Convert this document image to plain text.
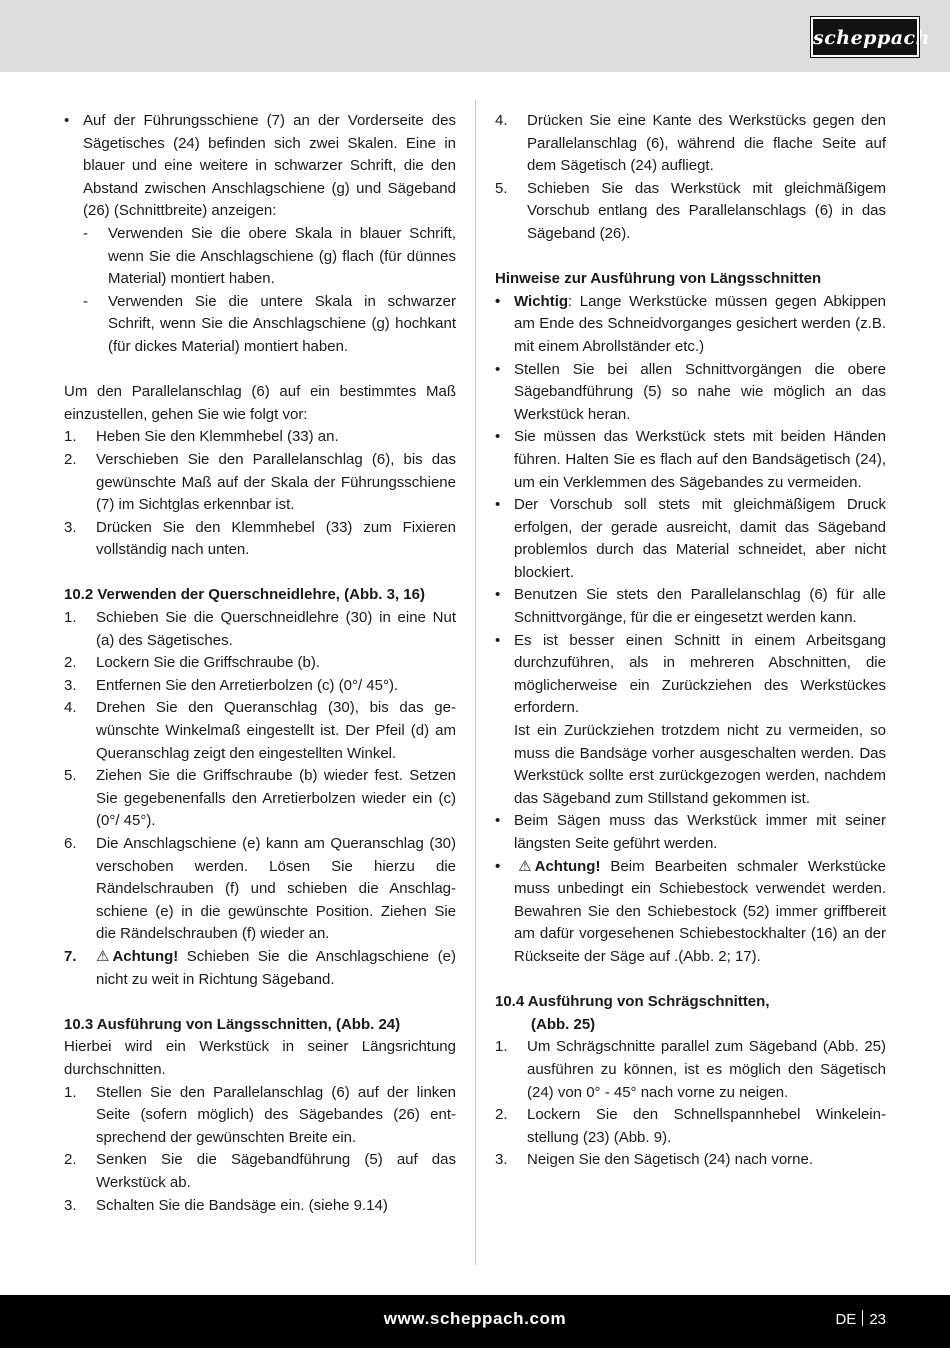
scheppach
• Auf der Führungsschiene (7) an der Vorderseite des Sägetisches (24) befinden sich zwei Skalen. Eine in blauer und eine weitere in schwarzer Schrift, die den Abstand zwischen Anschlagschiene (g) und Sägeband (26) (Schnittbreite) anzeigen:
-	Verwenden Sie die obere Skala in blauer Schrift, wenn Sie die Anschlagschiene (g) flach (für dünnes Material) montiert haben.
-	Verwenden Sie die untere Skala in schwarzer Schrift, wenn Sie die Anschlagschiene (g) hochkant (für dickes Material) montiert haben.
Um den Parallelanschlag (6) auf ein bestimmtes Maß einzustellen, gehen Sie wie folgt vor:
1.	Heben Sie den Klemmhebel (33) an.
2.	Verschieben Sie den Parallelanschlag (6), bis das gewünschte Maß auf der Skala der Führungsschiene (7) im Sichtglas erkennbar ist.
3.	Drücken Sie den Klemmhebel (33) zum Fixieren vollständig nach unten.
10.2 Verwenden der Querschneidlehre, (Abb. 3, 16)
1.	Schieben Sie die Querschneidlehre (30) in eine Nut (a) des Sägetisches.
2.	Lockern Sie die Griffschraube (b).
3.	Entfernen Sie den Arretierbolzen (c) (0°/ 45°).
4.	Drehen Sie den Queranschlag (30), bis das gewünschte Winkelmaß eingestellt ist. Der Pfeil (d) am Queranschlag zeigt den eingestellten Winkel.
5.	Ziehen Sie die Griffschraube (b) wieder fest. Setzen Sie gegebenenfalls den Arretierbolzen wieder ein (c) (0°/ 45°).
6.	Die Anschlagschiene (e) kann am Queranschlag (30) verschoben werden. Lösen Sie hierzu die Rändelschrauben (f) und schieben die Anschlagschiene (e) in die gewünschte Position. Ziehen Sie die Rändelschrauben (f) wieder an.
7.	⚠ Achtung! Schieben Sie die Anschlagschiene (e) nicht zu weit in Richtung Sägeband.
10.3 Ausführung von Längsschnitten, (Abb. 24)
Hierbei wird ein Werkstück in seiner Längsrichtung durchschnitten.
1.	Stellen Sie den Parallelanschlag (6) auf der linken Seite (sofern möglich) des Sägebandes (26) entsprechend der gewünschten Breite ein.
2.	Senken Sie die Sägebandführung (5) auf das Werkstück ab.
3.	Schalten Sie die Bandsäge ein. (siehe 9.14)
4.	Drücken Sie eine Kante des Werkstücks gegen den Parallelanschlag (6), während die flache Seite auf dem Sägetisch (24) aufliegt.
5.	Schieben Sie das Werkstück mit gleichmäßigem Vorschub entlang des Parallelanschlags (6) in das Sägeband (26).
Hinweise zur Ausführung von Längsschnitten
• Wichtig: Lange Werkstücke müssen gegen Abkippen am Ende des Schneidvorganges gesichert werden (z.B. mit einem Abrollständer etc.)
• Stellen Sie bei allen Schnittvorgängen die obere Sägebandführung (5) so nahe wie möglich an das Werkstück heran.
• Sie müssen das Werkstück stets mit beiden Händen führen. Halten Sie es flach auf den Bandsägetisch (24), um ein Verklemmen des Sägebandes zu vermeiden.
• Der Vorschub soll stets mit gleichmäßigem Druck erfolgen, der gerade ausreicht, damit das Sägeband problemlos durch das Material schneidet, aber nicht blockiert.
• Benutzen Sie stets den Parallelanschlag (6) für alle Schnittvorgänge, für die er eingesetzt werden kann.
• Es ist besser einen Schnitt in einem Arbeitsgang durchzuführen, als in mehreren Abschnitten, die möglicherweise ein Zurückziehen des Werkstückes erfordern.
Ist ein Zurückziehen trotzdem nicht zu vermeiden, so muss die Bandsäge vorher ausgeschalten werden. Das Werkstück sollte erst zurückgezogen werden, nachdem das Sägeband zum Stillstand gekommen ist.
• Beim Sägen muss das Werkstück immer mit seiner längsten Seite geführt werden.
• ⚠ Achtung! Beim Bearbeiten schmaler Werkstücke muss unbedingt ein Schiebestock verwendet werden. Bewahren Sie den Schiebestock (52) immer griffbereit am dafür vorgesehenen Schiebestockhalter (16) an der Rückseite der Säge auf .(Abb. 2; 17).
10.4 Ausführung von Schrägschnitten,
(Abb. 25)
1.	Um Schrägschnitte parallel zum Sägeband (Abb. 25) ausführen zu können, ist es möglich den Sägetisch (24) von 0° - 45° nach vorne zu neigen.
2.	Lockern Sie den Schnellspannhebel Winkeleinstellung (23) (Abb. 9).
3.	Neigen Sie den Sägetisch (24) nach vorne.
www.scheppach.com	DE 23
